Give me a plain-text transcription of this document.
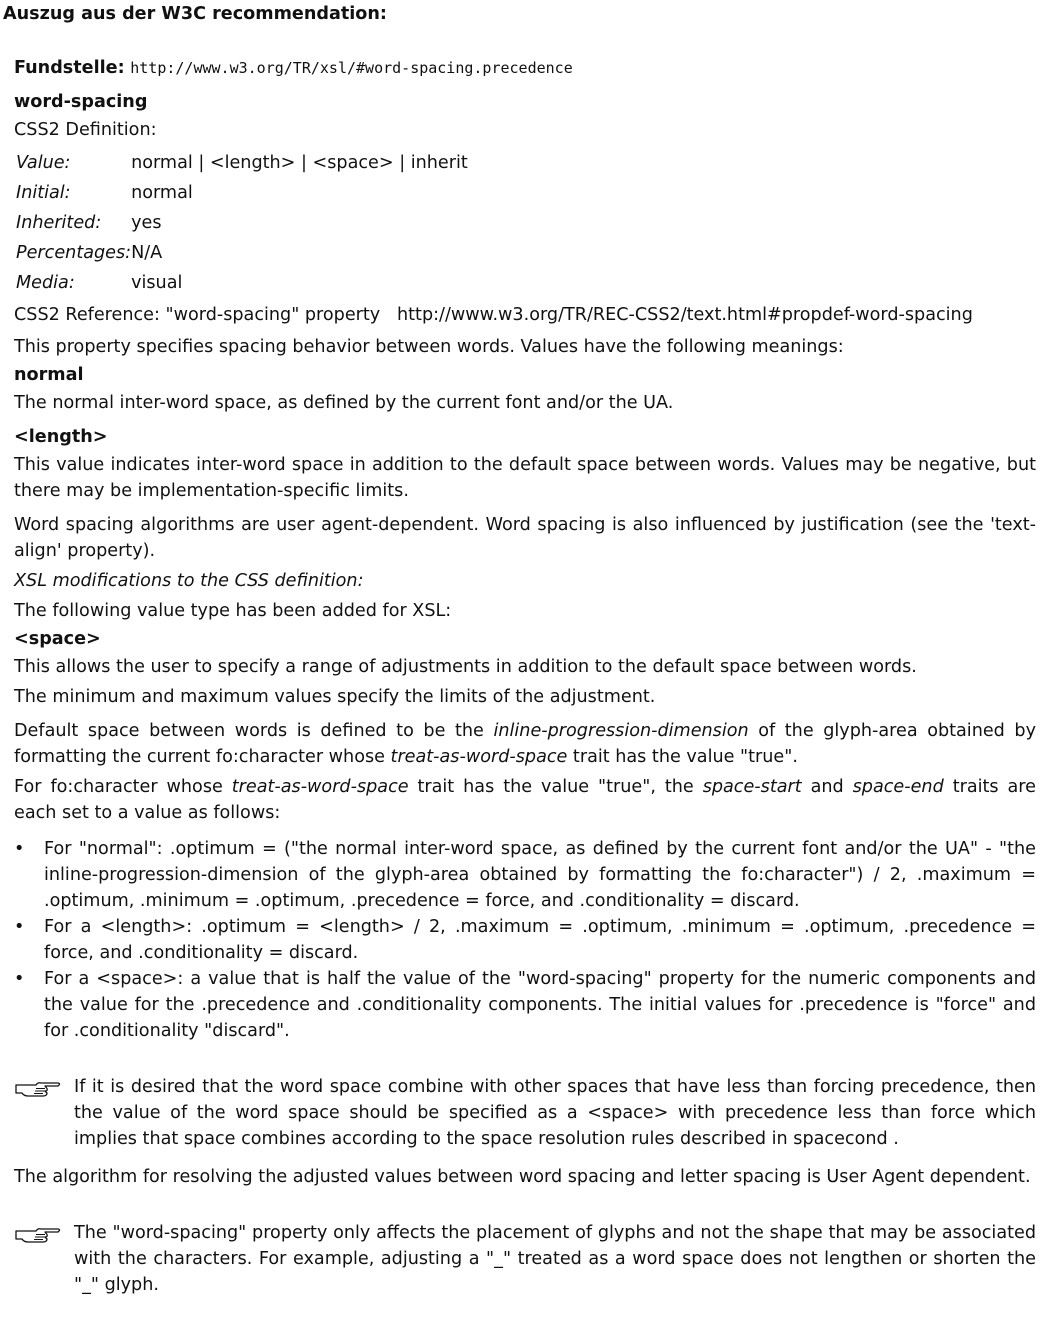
Auszug aus der W3C recommendation:
Fundstelle: http://www.w3.org/TR/xsl/#word-spacing.precedence
word-spacing
CSS2 Definition:
Value:	normal | <length> | <space> | inherit
Initial:	normal
Inherited:	yes
Percentages:	N/A
Media:	visual
CSS2 Reference: "word-spacing" property http://www.w3.org/TR/REC-CSS2/text.html#propdef-word-spacing
This property specifies spacing behavior between words. Values have the following meanings:
normal
The normal inter-word space, as defined by the current font and/or the UA.
<length>
This value indicates inter-word space in addition to the default space between words. Values may be negative, but there may be implementation-specific limits.
Word spacing algorithms are user agent-dependent. Word spacing is also influenced by justification (see the 'text-align' property).
XSL modifications to the CSS definition:
The following value type has been added for XSL:
<space>
This allows the user to specify a range of adjustments in addition to the default space between words.
The minimum and maximum values specify the limits of the adjustment.
Default space between words is defined to be the inline-progression-dimension of the glyph-area obtained by formatting the current fo:character whose treat-as-word-space trait has the value "true".
For fo:character whose treat-as-word-space trait has the value "true", the space-start and space-end traits are each set to a value as follows:
• For "normal": .optimum = ("the normal inter-word space, as defined by the current font and/or the UA" - "the inline-progression-dimension of the glyph-area obtained by formatting the fo:character") / 2, .maximum = .optimum, .minimum = .optimum, .precedence = force, and .conditionality = discard.
• For a <length>: .optimum = <length> / 2, .maximum = .optimum, .minimum = .optimum, .precedence = force, and .conditionality = discard.
• For a <space>: a value that is half the value of the "word-spacing" property for the numeric components and the value for the .precedence and .conditionality components. The initial values for .precedence is "force" and for .conditionality "discard".
If it is desired that the word space combine with other spaces that have less than forcing precedence, then the value of the word space should be specified as a <space> with precedence less than force which implies that space combines according to the space resolution rules described in spacecond .
The algorithm for resolving the adjusted values between word spacing and letter spacing is User Agent dependent.
The "word-spacing" property only affects the placement of glyphs and not the shape that may be associated with the characters. For example, adjusting a "_" treated as a word space does not lengthen or shorten the "_" glyph.
